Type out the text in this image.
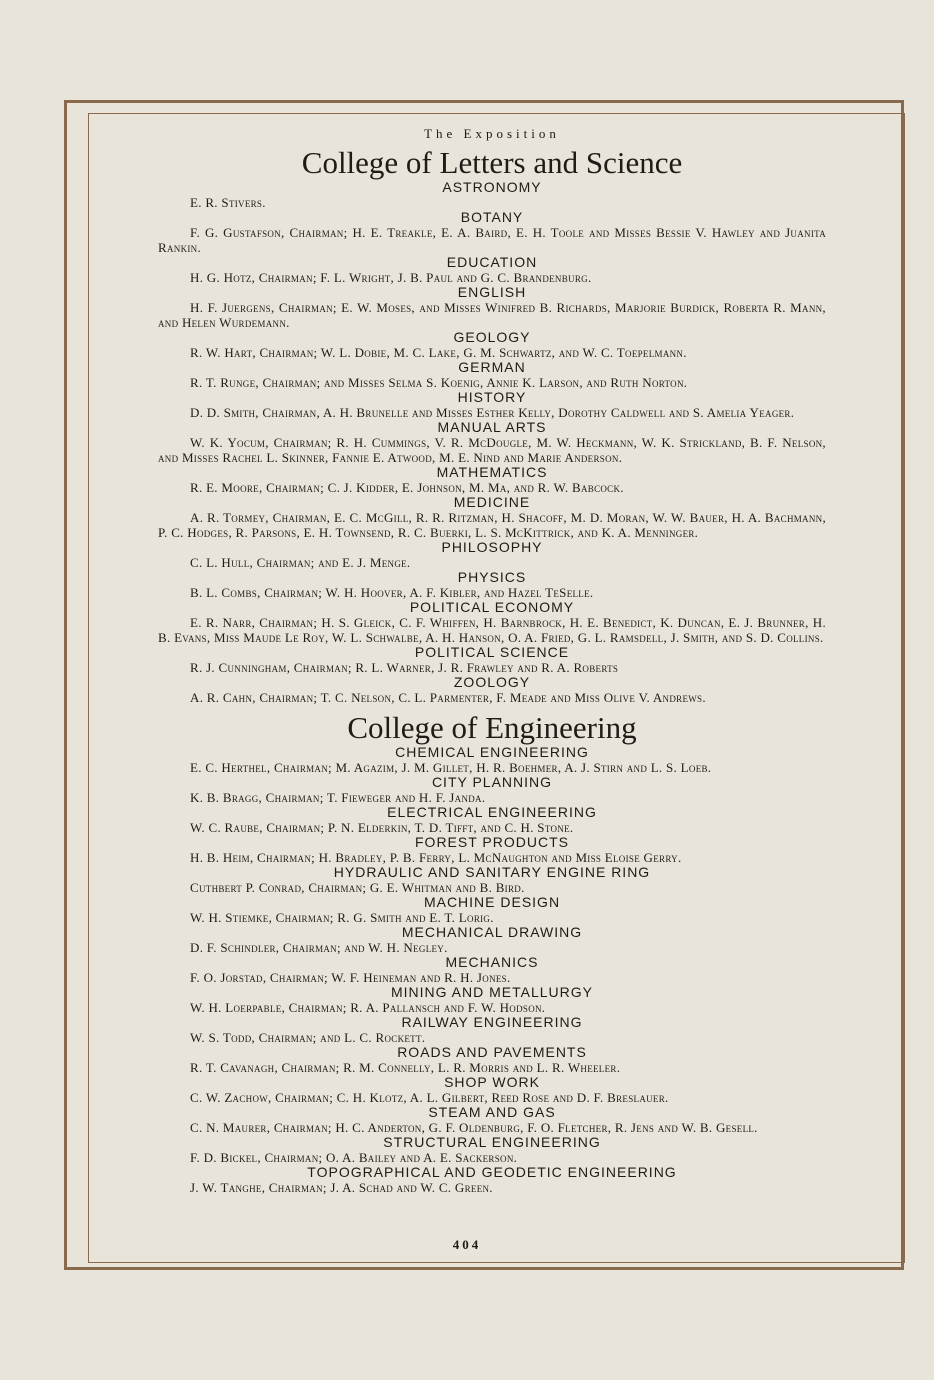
The Exposition
College of Letters and Science
ASTRONOMY

E. R. Stivers.

BOTANY

F. G. Gustafson, Chairman; H. E. Treakle, E. A. Baird, E. H. Toole and Misses Bessie V. Hawley and Juanita Rankin.

EDUCATION

H. G. Hotz, Chairman; F. L. Wright, J. B. Paul and G. C. Brandenburg.

ENGLISH

H. F. Juergens, Chairman; E. W. Moses, and Misses Winifred B. Richards, Marjorie Burdick, Roberta R. Mann, and Helen Wurdemann.

GEOLOGY

R. W. Hart, Chairman; W. L. Dobie, M. C. Lake, G. M. Schwartz, and W. C. Toepelmann.

GERMAN

R. T. Runge, Chairman; and Misses Selma S. Koenig, Annie K. Larson, and Ruth Norton.

HISTORY

D. D. Smith, Chairman, A. H. Brunelle and Misses Esther Kelly, Dorothy Caldwell and S. Amelia Yeager.

MANUAL ARTS

W. K. Yocum, Chairman; R. H. Cummings, V. R. McDougle, M. W. Heckmann, W. K. Strickland, B. F. Nelson, and Misses Rachel L. Skinner, Fannie E. Atwood, M. E. Nind and Marie Anderson.

MATHEMATICS

R. E. Moore, Chairman; C. J. Kidder, E. Johnson, M. Ma, and R. W. Babcock.

MEDICINE

A. R. Tormey, Chairman, E. C. McGill, R. R. Ritzman, H. Shacoff, M. D. Moran, W. W. Bauer, H. A. Bachmann, P. C. Hodges, R. Parsons, E. H. Townsend, R. C. Buerki, L. S. McKittrick, and K. A. Menninger.

PHILOSOPHY

C. L. Hull, Chairman; and E. J. Menge.

PHYSICS

B. L. Combs, Chairman; W. H. Hoover, A. F. Kibler, and Hazel TeSelle.

POLITICAL ECONOMY

E. R. Narr, Chairman; H. S. Gleick, C. F. Whiffen, H. Barnbrock, H. E. Benedict, K. Duncan, E. J. Brunner, H. B. Evans, Miss Maude Le Roy, W. L. Schwalbe, A. H. Hanson, O. A. Fried, G. L. Ramsdell, J. Smith, and S. D. Collins.

POLITICAL SCIENCE

R. J. Cunningham, Chairman; R. L. Warner, J. R. Frawley and R. A. Roberts

ZOOLOGY

A. R. Cahn, Chairman; T. C. Nelson, C. L. Parmenter, F. Meade and Miss Olive V. Andrews.

College of Engineering
CHEMICAL ENGINEERING

E. C. Herthel, Chairman; M. Agazim, J. M. Gillet, H. R. Boehmer, A. J. Stirn and L. S. Loeb.

CITY PLANNING

K. B. Bragg, Chairman; T. Fieweger and H. F. Janda.

ELECTRICAL ENGINEERING

W. C. Raube, Chairman; P. N. Elderkin, T. D. Tifft, and C. H. Stone.

FOREST PRODUCTS

H. B. Heim, Chairman; H. Bradley, P. B. Ferry, L. McNaughton and Miss Eloise Gerry.

HYDRAULIC AND SANITARY ENGINE RING

Cuthbert P. Conrad, Chairman; G. E. Whitman and B. Bird.

MACHINE DESIGN

W. H. Stiemke, Chairman; R. G. Smith and E. T. Lorig.

MECHANICAL DRAWING

D. F. Schindler, Chairman; and W. H. Negley.

MECHANICS

F. O. Jorstad, Chairman; W. F. Heineman and R. H. Jones.

MINING AND METALLURGY

W. H. Loerpable, Chairman; R. A. Pallansch and F. W. Hodson.

RAILWAY ENGINEERING

W. S. Todd, Chairman; and L. C. Rockett.

ROADS AND PAVEMENTS

R. T. Cavanagh, Chairman; R. M. Connelly, L. R. Morris and L. R. Wheeler.

SHOP WORK

C. W. Zachow, Chairman; C. H. Klotz, A. L. Gilbert, Reed Rose and D. F. Breslauer.

STEAM AND GAS

C. N. Maurer, Chairman; H. C. Anderton, G. F. Oldenburg, F. O. Fletcher, R. Jens and W. B. Gesell.

STRUCTURAL ENGINEERING

F. D. Bickel, Chairman; O. A. Bailey and A. E. Sackerson.

TOPOGRAPHICAL AND GEODETIC ENGINEERING

J. W. Tanghe, Chairman; J. A. Schad and W. C. Green.

404
